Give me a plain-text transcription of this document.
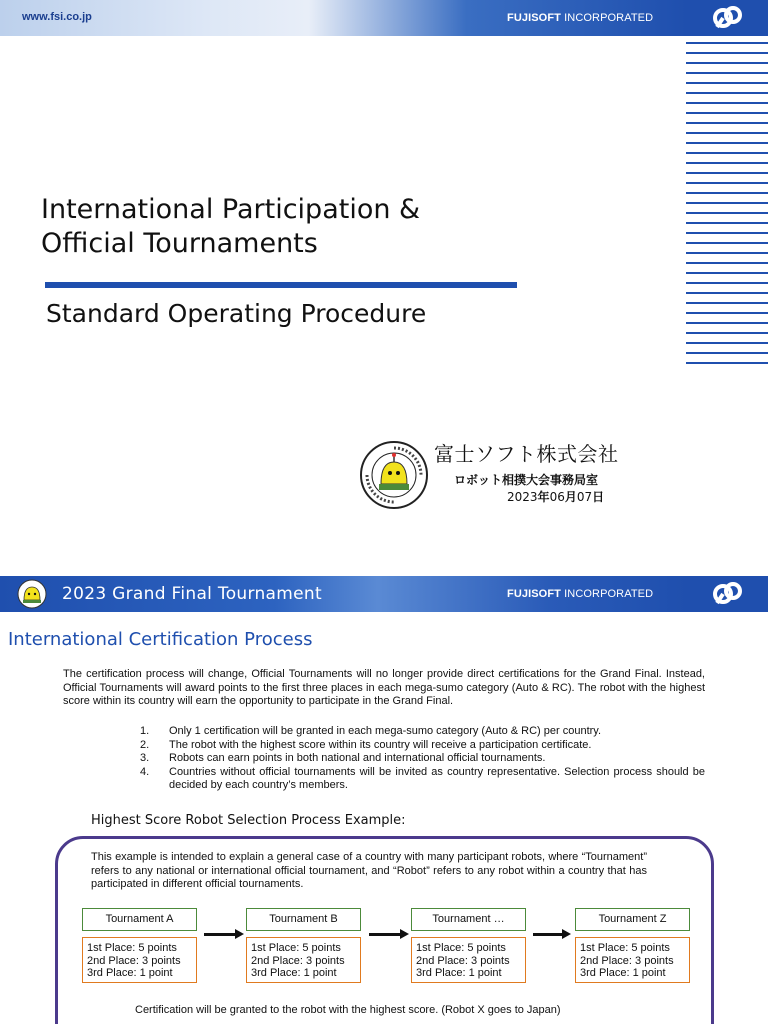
www.fsi.co.jp	FUJISOFT INCORPORATED
International Participation &
Official Tournaments
Standard Operating Procedure
富士ソフト株式会社
ロボット相撲大会事務局室
2023年06月07日
2023 Grand Final Tournament	FUJISOFT INCORPORATED
International Certification Process

The certification process will change, Official Tournaments will no longer provide direct certifications for the Grand Final. Instead, Official Tournaments will award points to the first three places in each mega-sumo category (Auto & RC). The robot with the highest score within its country will earn the opportunity to participate in the Grand Final.

1. Only 1 certification will be granted in each mega-sumo category (Auto & RC) per country.
2. The robot with the highest score within its country will receive a participation certificate.
3. Robots can earn points in both national and international official tournaments.
4. Countries without official tournaments will be invited as country representative. Selection process should be decided by each country’s members.
Highest Score Robot Selection Process Example:

This example is intended to explain a general case of a country with many participant robots, where “Tournament” refers to any national or international official tournament, and “Robot” refers to any robot within a country that has participated in different official tournaments.

Tournament A
1st Place: 5 points
2nd Place: 3 points
3rd Place: 1 point
Tournament B
1st Place: 5 points
2nd Place: 3 points
3rd Place: 1 point
Tournament …
1st Place: 5 points
2nd Place: 3 points
3rd Place: 1 point
Tournament Z
1st Place: 5 points
2nd Place: 3 points
3rd Place: 1 point
Certification will be granted to the robot with the highest score. (Robot X goes to Japan)
